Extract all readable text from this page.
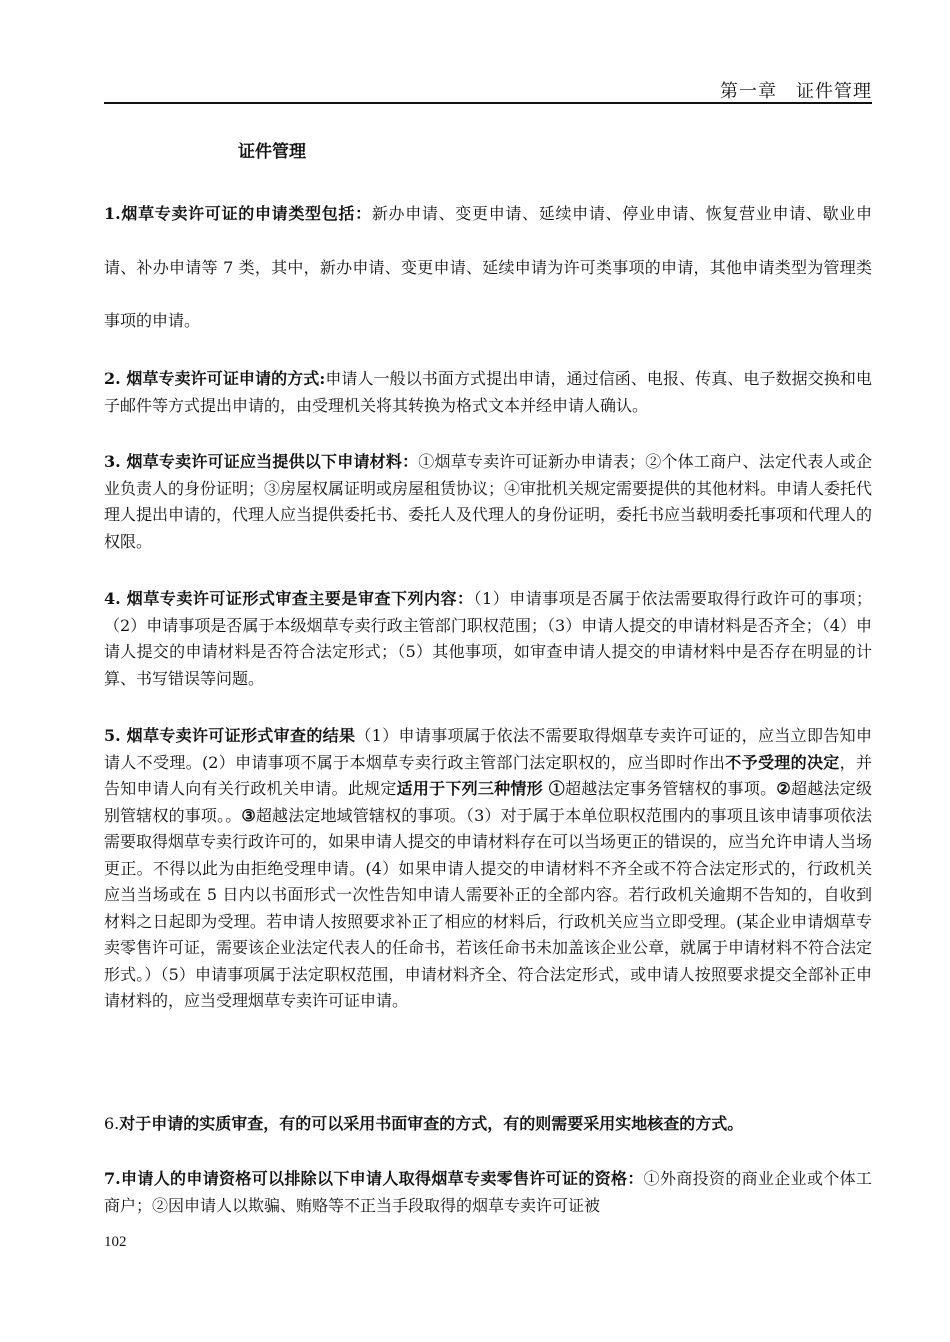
第一章　证件管理
证件管理
1.烟草专卖许可证的申请类型包括：新办申请、变更申请、延续申请、停业申请、恢复营业申请、歇业申请、补办申请等 7 类，其中，新办申请、变更申请、延续申请为许可类事项的申请，其他申请类型为管理类事项的申请。
2. 烟草专卖许可证申请的方式:申请人一般以书面方式提出申请，通过信函、电报、传真、电子数据交换和电子邮件等方式提出申请的，由受理机关将其转换为格式文本并经申请人确认。
3. 烟草专卖许可证应当提供以下申请材料：①烟草专卖许可证新办申请表；②个体工商户、法定代表人或企业负责人的身份证明；③房屋权属证明或房屋租赁协议；④审批机关规定需要提供的其他材料。申请人委托代理人提出申请的，代理人应当提供委托书、委托人及代理人的身份证明，委托书应当载明委托事项和代理人的权限。
4. 烟草专卖许可证形式审查主要是审查下列内容：（1）申请事项是否属于依法需要取得行政许可的事项；（2）申请事项是否属于本级烟草专卖行政主管部门职权范围；（3）申请人提交的申请材料是否齐全；（4）申请人提交的申请材料是否符合法定形式；（5）其他事项，如审查申请人提交的申请材料中是否存在明显的计算、书写错误等问题。
5. 烟草专卖许可证形式审查的结果（1）申请事项属于依法不需要取得烟草专卖许可证的，应当立即告知申请人不受理。(2）申请事项不属于本烟草专卖行政主管部门法定职权的，应当即时作出不予受理的决定，并告知申请人向有关行政机关申请。此规定适用于下列三种情形 ①超越法定事务管辖权的事项。②超越法定级别管辖权的事项。。③超越法定地域管辖权的事项。（3）对于属于本单位职权范围内的事项且该申请事项依法需要取得烟草专卖行政许可的，如果申请人提交的申请材料存在可以当场更正的错误的，应当允许申请人当场更正。不得以此为由拒绝受理申请。(4）如果申请人提交的申请材料不齐全或不符合法定形式的，行政机关应当当场或在 5 日内以书面形式一次性告知申请人需要补正的全部内容。若行政机关逾期不告知的，自收到材料之日起即为受理。若申请人按照要求补正了相应的材料后，行政机关应当立即受理。(某企业申请烟草专卖零售许可证，需要该企业法定代表人的任命书，若该任命书未加盖该企业公章，就属于申请材料不符合法定形式。）（5）申请事项属于法定职权范围，申请材料齐全、符合法定形式，或申请人按照要求提交全部补正申请材料的，应当受理烟草专卖许可证申请。
6.对于申请的实质审查，有的可以采用书面审查的方式，有的则需要采用实地核查的方式。
7.申请人的申请资格可以排除以下申请人取得烟草专卖零售许可证的资格：①外商投资的商业企业或个体工商户；②因申请人以欺骗、贿赂等不正当手段取得的烟草专卖许可证被
102
